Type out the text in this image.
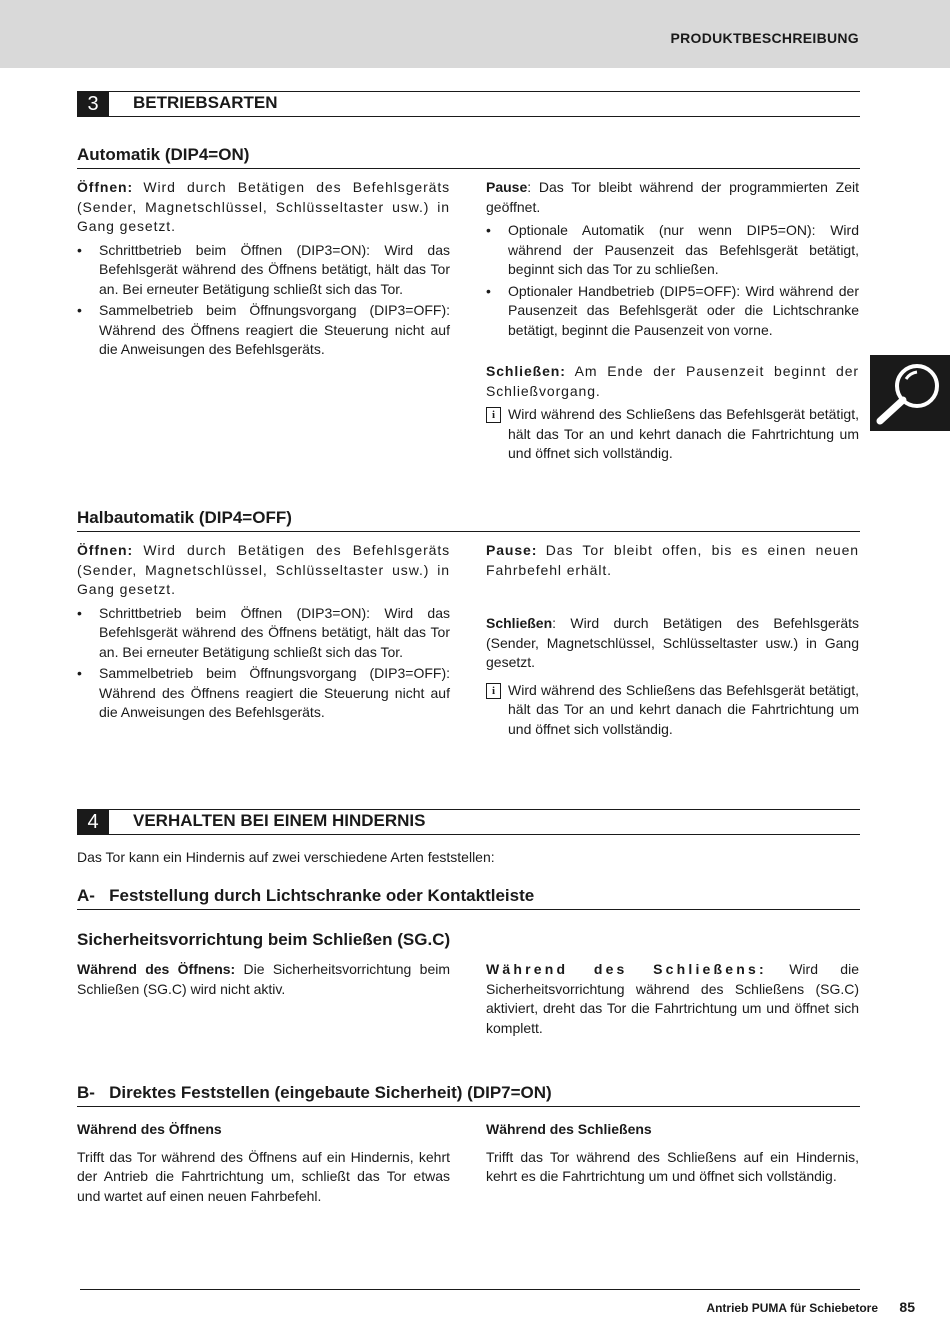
PRODUKTBESCHREIBUNG
3	BETRIEBSARTEN
Automatik (DIP4=ON)

Öffnen: Wird durch Betätigen des Befehlsgeräts (Sender, Magnetschlüssel, Schlüsseltaster usw.) in Gang gesetzt.

• Schrittbetrieb beim Öffnen (DIP3=ON): Wird das Befehlsgerät während des Öffnens betätigt, hält das Tor an. Bei erneuter Betätigung schließt sich das Tor.
• Sammelbetrieb beim Öffnungsvorgang (DIP3=OFF): Während des Öffnens reagiert die Steuerung nicht auf die Anweisungen des Befehlsgeräts.

Pause: Das Tor bleibt während der programmierten Zeit geöffnet.

• Optionale Automatik (nur wenn DIP5=ON): Wird während der Pausenzeit das Befehlsgerät betätigt, beginnt sich das Tor zu schließen.
• Optionaler Handbetrieb (DIP5=OFF): Wird während der Pausenzeit das Befehlsgerät oder die Lichtschranke betätigt, beginnt die Pausenzeit von vorne.

Schließen: Am Ende der Pausenzeit beginnt der Schließvorgang.

i Wird während des Schließens das Befehlsgerät betätigt, hält das Tor an und kehrt danach die Fahrtrichtung um und öffnet sich vollständig.
Halbautomatik (DIP4=OFF)

Öffnen: Wird durch Betätigen des Befehlsgeräts (Sender, Magnetschlüssel, Schlüsseltaster usw.) in Gang gesetzt.

• Schrittbetrieb beim Öffnen (DIP3=ON): Wird das Befehlsgerät während des Öffnens betätigt, hält das Tor an. Bei erneuter Betätigung schließt sich das Tor.
• Sammelbetrieb beim Öffnungsvorgang (DIP3=OFF): Während des Öffnens reagiert die Steuerung nicht auf die Anweisungen des Befehlsgeräts.

Pause: Das Tor bleibt offen, bis es einen neuen Fahrbefehl erhält.

Schließen: Wird durch Betätigen des Befehlsgeräts (Sender, Magnetschlüssel, Schlüsseltaster usw.) in Gang gesetzt.

i Wird während des Schließens das Befehlsgerät betätigt, hält das Tor an und kehrt danach die Fahrtrichtung um und öffnet sich vollständig.
4	VERHALTEN BEI EINEM HINDERNIS
Das Tor kann ein Hindernis auf zwei verschiedene Arten feststellen:
A-   Feststellung durch Lichtschranke oder Kontaktleiste
Sicherheitsvorrichtung beim Schließen (SG.C)

Während des Öffnens: Die Sicherheitsvorrichtung beim Schließen (SG.C) wird nicht aktiv.

Während des Schließens: Wird die Sicherheitsvorrichtung während des Schließens (SG.C) aktiviert, dreht das Tor die Fahrtrichtung um und öffnet sich komplett.

B-   Direktes Feststellen (eingebaute Sicherheit) (DIP7=ON)

Während des Öffnens

Trifft das Tor während des Öffnens auf ein Hindernis, kehrt der Antrieb die Fahrtrichtung um, schließt das Tor etwas und wartet auf einen neuen Fahrbefehl.

Während des Schließens

Trifft das Tor während des Schließens auf ein Hindernis, kehrt es die Fahrtrichtung um und öffnet sich vollständig.

Antrieb PUMA für Schiebetore 85
